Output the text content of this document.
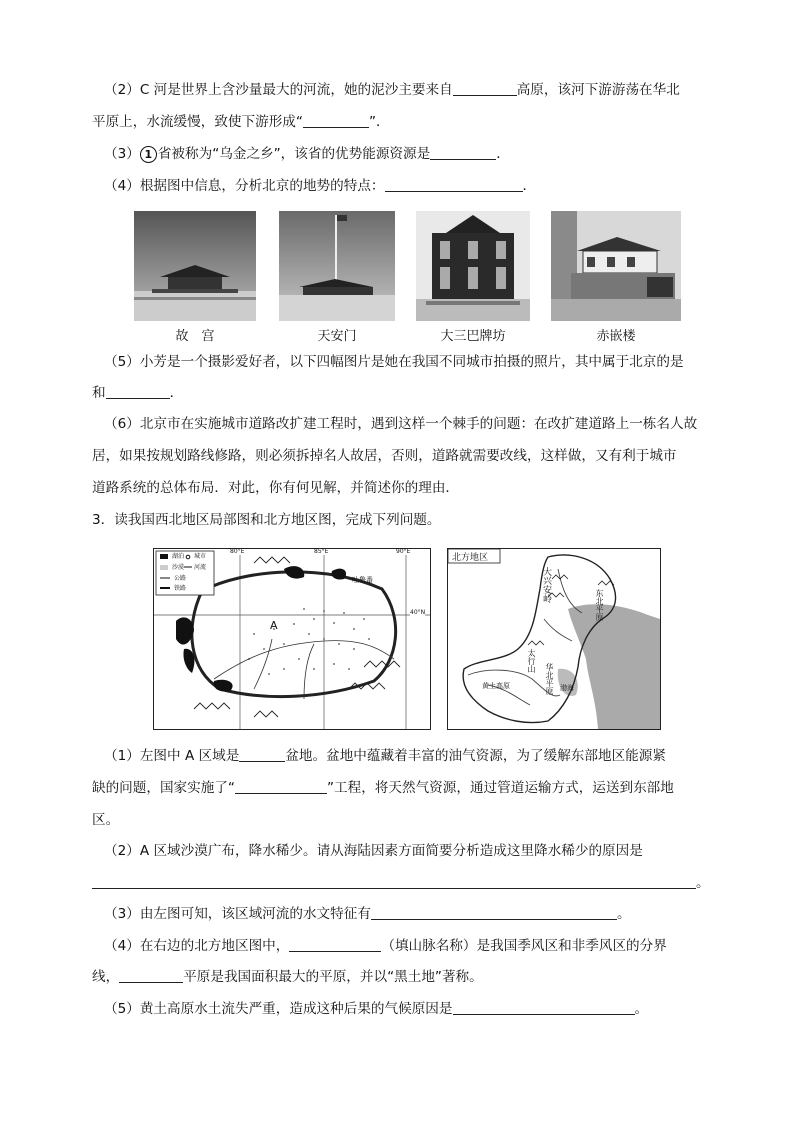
（2）C 河是世界上含沙量最大的河流，她的泥沙主要来自	高原，该河下游游荡在华北
平原上，水流缓慢，致使下游形成“	”．
（3） 1 省被称为“乌金之乡”，该省的优势能源资源是	．
（4）根据图中信息，分析北京的地势的特点：	．
故　宫	天安门	大三巴牌坊	赤嵌楼
（5）小芳是一个摄影爱好者，以下四幅图片是她在我国不同城市拍摄的照片，其中属于北京的是
和	．
（6）北京市在实施城市道路改扩建工程时，遇到这样一个棘手的问题：在改扩建道路上一栋名人故
居，如果按规划路线修路，则必须拆掉名人故居，否则，道路就需要改线，这样做，又有利于城市
道路系统的总体布局．对此，你有何见解，并简述你的理由．
3．读我国西北地区局部图和北方地区图，完成下列问题。
湖泊 城市
沙漠 河流
公路
铁路
80°E	85°E	90°E
40°N
A
吐鲁番
北方地区
大兴安岭
东北平原
太行山
黄土高原	华北平原 渤海
（1）左图中 A 区域是	盆地。盆地中蕴藏着丰富的油气资源，为了缓解东部地区能源紧
缺的问题，国家实施了“	”工程，将天然气资源，通过管道运输方式，运送到东部地
区。
（2）A 区域沙漠广布，降水稀少。请从海陆因素方面简要分析造成这里降水稀少的原因是
。
（3）由左图可知，该区域河流的水文特征有	。
（4）在右边的北方地区图中，	（填山脉名称）是我国季风区和非季风区的分界
线，	平原是我国面积最大的平原，并以“黑土地”著称。
（5）黄土高原水土流失严重，造成这种后果的气候原因是	。
